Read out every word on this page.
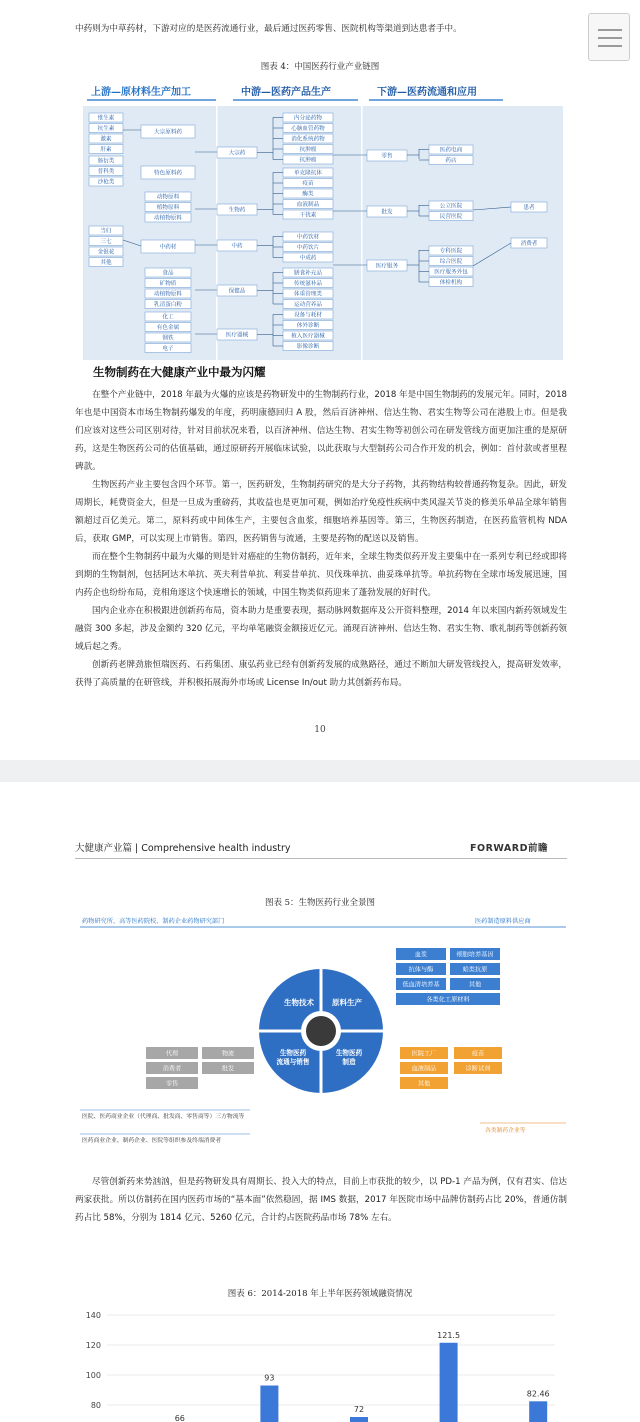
中药则为中草药材，下游对应的是医药流通行业，最后通过医药零售、医院机构等渠道到达患者手中。
图表 4：中国医药行业产业链图
上游—原材料生产加工	中游—医药产品生产	下游—医药流通和应用
维生素
抗生素
激素
肝素
肠衍类
普科类
沙枪类
当归
三七
金银花
其他
大宗原料药
特色原料药
动物原料
植物原料
动植物原料
中药材
食品
矿物质
动植物原料
乳清蛋白粉
化工
有色金属
钢铁
电子
大宗药
生物药
中药
保健品
医疗器械
内分泌药物
心脑血管药物
消化系统药物
抗肿瘤
抗肿瘤
单克隆抗体
疫苗
酶类
血液制品
干扰素
中药饮材
中药饮片
中成药
膳食补充品
传统滋补品
体重管理类
运动营养品
设备与耗材
体外诊断
植入医疗器械
影像诊断
零售
批发
医疗服务
医药电商
药店
公立医院
民营医院
专科医院
综合医院
医疗服务外包
体检机构
患者
消费者
生物制药在大健康产业中最为闪耀

在整个产业链中，2018 年最为火爆的应该是药物研发中的生物制药行业，2018 年是中国生物制药的发展元年。同时，2018 年也是中国资本市场生物制药爆发的年度，药明康德回归 A 股，然后百济神州、信达生物、君实生物等公司在港股上市。但是我们应该对这些公司区别对待，针对目前状况来看，以百济神州、信达生物、君实生物等初创公司在研发管线方面更加注重的是原研药，这是生物医药公司的估值基础，通过原研药开展临床试验，以此获取与大型制药公司合作开发的机会，例如：首付款或者里程碑款。

生物医药产业主要包含四个环节。第一，医药研发，生物制药研究的是大分子药物，其药物结构较普通药物复杂。因此，研发周期长，耗费资金大，但是一旦成为重磅药，其收益也是更加可观，例如治疗免疫性疾病中类风湿关节炎的修美乐单品全球年销售额超过百亿美元。第二，原料药或中间体生产，主要包含血浆，细胞培养基因等。第三，生物医药制造，在医药监管机构 NDA 后，获取 GMP，可以实现上市销售。第四，医药销售与流通，主要是药物的配送以及销售。

而在整个生物制药中最为火爆的则是针对癌症的生物仿制药，近年来，全球生物类似药开发主要集中在一系列专利已经或即将到期的生物制剂，包括阿达木单抗、英夫利昔单抗、利妥昔单抗、贝伐珠单抗、曲妥珠单抗等。单抗药物在全球市场发展迅速，国内药企也纷纷布局，竞相角逐这个快速增长的领域，中国生物类似药迎来了蓬勃发展的好时代。

国内企业亦在积极跟进创新药布局，资本助力是重要表现，据动脉网数据库及公开资料整理，2014 年以来国内新药领域发生融资 300 多起，涉及金额约 320 亿元，平均单笔融资金额接近亿元。涌现百济神州、信达生物、君实生物、歌礼制药等创新药领域后起之秀。

创新药老牌劲旅恒瑞医药、石药集团、康弘药业已经有创新药发展的成熟路径，通过不断加大研发管线投入，提高研发效率，获得了高质量的在研管线，并积极拓展海外市场或 License In/out 助力其创新药布局。

10
大健康产业篇 | Comprehensive health industry	FORWARD前瞻
图表 5：生物医药行业全景图
药物研究所、高等医药院校、制药企业药物研究部门	医药制造原料供应商
血浆	细胞培养基因
抗体与酶	蛤类抗原
低血清培养基	其他
各类化工原材料
生物技术 原料生产
生物医药
流通与销售
生物医药
制造
代理	物流
消费者	批发
零售
医院工厂	疫苗
血液制品	诊断试剂
其他
医院、医药商业企业（代理商、批发商、零售商等）三方物流等
医药商业企业、制药企业、医院等组织参及终端消费者
各类制药企业等

尽管创新药来势汹汹，但是药物研发具有周期长、投入大的特点，目前上市获批的较少，以 PD-1 产品为例，仅有君实、信达两家获批。所以仿制药在国内医药市场的“基本面”依然稳固，据 IMS 数据，2017 年医院市场中品牌仿制药占比 20%，普通仿制药占比 58%，分别为 1814 亿元、5260 亿元，合计约占医院药品市场 78% 左右。

图表 6：2014-2018 年上半年医药领域融资情况
80
100
120
140
66
93
72
121.5
82.46
